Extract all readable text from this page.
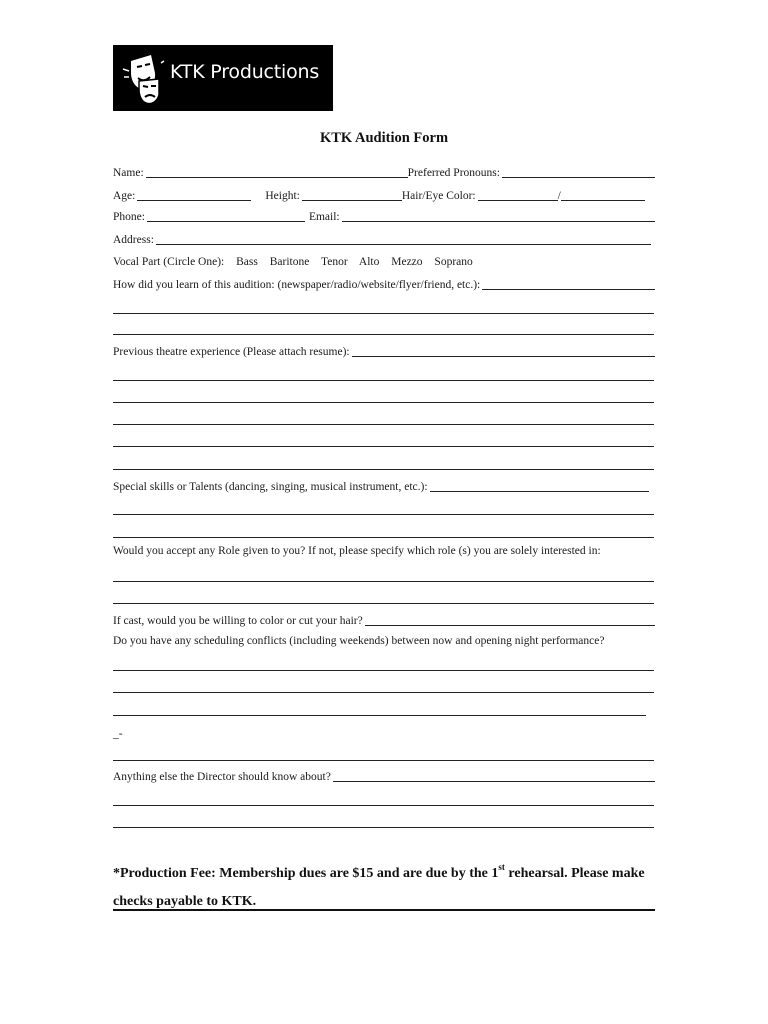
KTK Productions
KTK Audition Form
Name:	Preferred Pronouns:
Age:	Height:	Hair/Eye Color:	/
Phone:	Email:
Address:
Vocal Part (Circle One): Bass Baritone Tenor Alto Mezzo Soprano
How did you learn of this audition: (newspaper/radio/website/flyer/friend, etc.):
Previous theatre experience (Please attach resume):
Special skills or Talents (dancing, singing, musical instrument, etc.):
Would you accept any Role given to you? If not, please specify which role (s) you are solely interested in:
If cast, would you be willing to color or cut your hair?
Do you have any scheduling conflicts (including weekends) between now and opening night performance?
_-
Anything else the Director should know about?
*Production Fee: Membership dues are $15 and are due by the 1st rehearsal. Please make checks payable to KTK.
